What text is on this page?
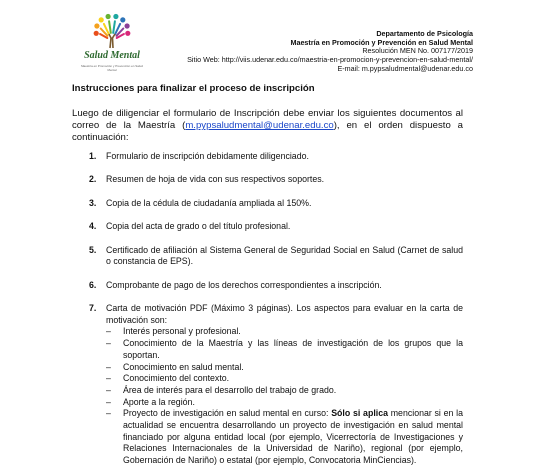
Salud Mental
Maestría en Promoción y Prevención en Salud Mental
Departamento de Psicología
Maestría en Promoción y Prevención en Salud Mental
Resolución MEN No. 007177/2019
Sitio Web: http://viis.udenar.edu.co/maestria-en-promocion-y-prevencion-en-salud-mental/
E-mail: m.pypsaludmental@udenar.edu.co
Instrucciones para finalizar el proceso de inscripción

Luego de diligenciar el formulario de Inscripción debe enviar los siguientes documentos al correo de la Maestría (m.pypsaludmental@udenar.edu.co), en el orden dispuesto a continuación:

1. Formulario de inscripción debidamente diligenciado.

2. Resumen de hoja de vida con sus respectivos soportes.

3. Copia de la cédula de ciudadanía ampliada al 150%.

4. Copia del acta de grado o del título profesional.

5. Certificado de afiliación al Sistema General de Seguridad Social en Salud (Carnet de salud o constancia de EPS).

6. Comprobante de pago de los derechos correspondientes a inscripción.

7. Carta de motivación PDF (Máximo 3 páginas). Los aspectos para evaluar en la carta de motivación son:

– Interés personal y profesional.

– Conocimiento de la Maestría y las líneas de investigación de los grupos que la soportan.

– Conocimiento en salud mental.

– Conocimiento del contexto.

– Área de interés para el desarrollo del trabajo de grado.

– Aporte a la región.

– Proyecto de investigación en salud mental en curso: Sólo si aplica mencionar si en la actualidad se encuentra desarrollando un proyecto de investigación en salud mental financiado por alguna entidad local (por ejemplo, Vicerrectoría de Investigaciones y Relaciones Internacionales de la Universidad de Nariño), regional (por ejemplo, Gobernación de Nariño) o estatal (por ejemplo, Convocatoria MinCiencias).
